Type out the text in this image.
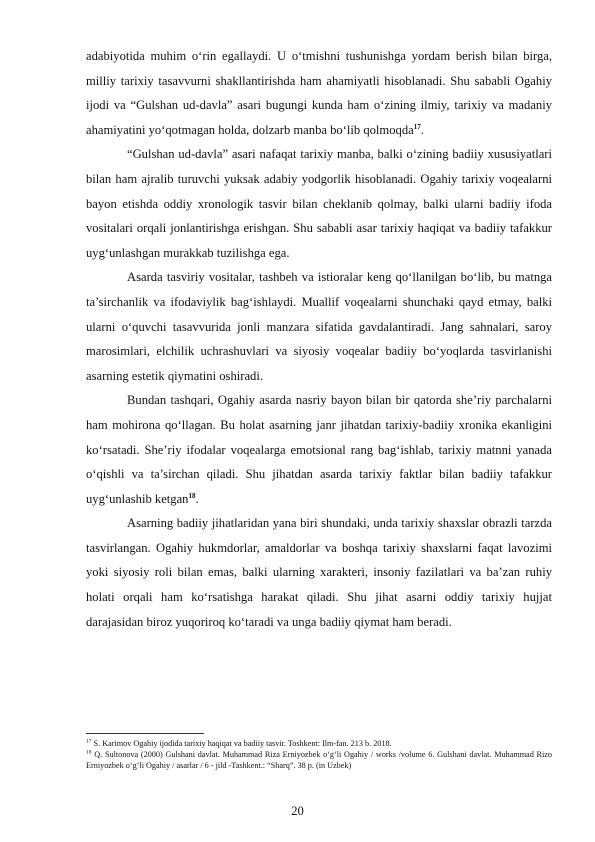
adabiyotida muhim o‘rin egallaydi. U o‘tmishni tushunishga yordam berish bilan birga, milliy tarixiy tasavvurni shakllantirishda ham ahamiyatli hisoblanadi. Shu sababli Ogahiy ijodi va “Gulshan ud-davla” asari bugungi kunda ham o‘zining ilmiy, tarixiy va madaniy ahamiyatini yo‘qotmagan holda, dolzarb manba bo‘lib qolmoqda$^{17}$.

“Gulshan ud-davla” asari nafaqat tarixiy manba, balki o‘zining badiiy xususiyatlari bilan ham ajralib turuvchi yuksak adabiy yodgorlik hisoblanadi. Ogahiy tarixiy voqealarni bayon etishda oddiy xronologik tasvir bilan cheklanib qolmay, balki ularni badiiy ifoda vositalari orqali jonlantirishga erishgan. Shu sababli asar tarixiy haqiqat va badiiy tafakkur uyg‘unlashgan murakkab tuzilishga ega.

Asarda tasviriy vositalar, tashbeh va istioralar keng qo‘llanilgan bo‘lib, bu matnga ta’sirchanlik va ifodaviylik bag‘ishlaydi. Muallif voqealarni shunchaki qayd etmay, balki ularni o‘quvchi tasavvurida jonli manzara sifatida gavdalantiradi. Jang sahnalari, saroy marosimlari, elchilik uchrashuvlari va siyosiy voqealar badiiy bo‘yoqlarda tasvirlanishi asarning estetik qiymatini oshiradi.

Bundan tashqari, Ogahiy asarda nasriy bayon bilan bir qatorda she’riy parchalarni ham mohirona qo‘llagan. Bu holat asarning janr jihatdan tarixiy-badiiy xronika ekanligini ko‘rsatadi. She’riy ifodalar voqealarga emotsional rang bag‘ishlab, tarixiy matnni yanada o‘qishli va ta’sirchan qiladi. Shu jihatdan asarda tarixiy faktlar bilan badiiy tafakkur uyg‘unlashib ketgan$^{18}$.

Asarning badiiy jihatlaridan yana biri shundaki, unda tarixiy shaxslar obrazli tarzda tasvirlangan. Ogahiy hukmdorlar, amaldorlar va boshqa tarixiy shaxslarni faqat lavozimi yoki siyosiy roli bilan emas, balki ularning xarakteri, insoniy fazilatlari va ba’zan ruhiy holati orqali ham ko‘rsatishga harakat qiladi. Shu jihat asarni oddiy tarixiy hujjat darajasidan biroz yuqoriroq ko‘taradi va unga badiiy qiymat ham beradi.

$^{17}$ S. Karimov Ogahiy ijodida tarixiy haqiqat va badiiy tasvir. Toshkent: Ilm-fan. 213 b. 2018.

$^{18}$ Q. Sultonova (2000) Gulshani davlat. Muhammad Riza Erniyozbek o‘g‘li Ogahiy / works /volume 6. Gulshani davlat. Muhammad Rizo Erniyozbek o‘g‘li Ogahiy / asarlar / 6 - jild -Tashkent.: “Sharq”. 38 p. (in Uzbek)

20
